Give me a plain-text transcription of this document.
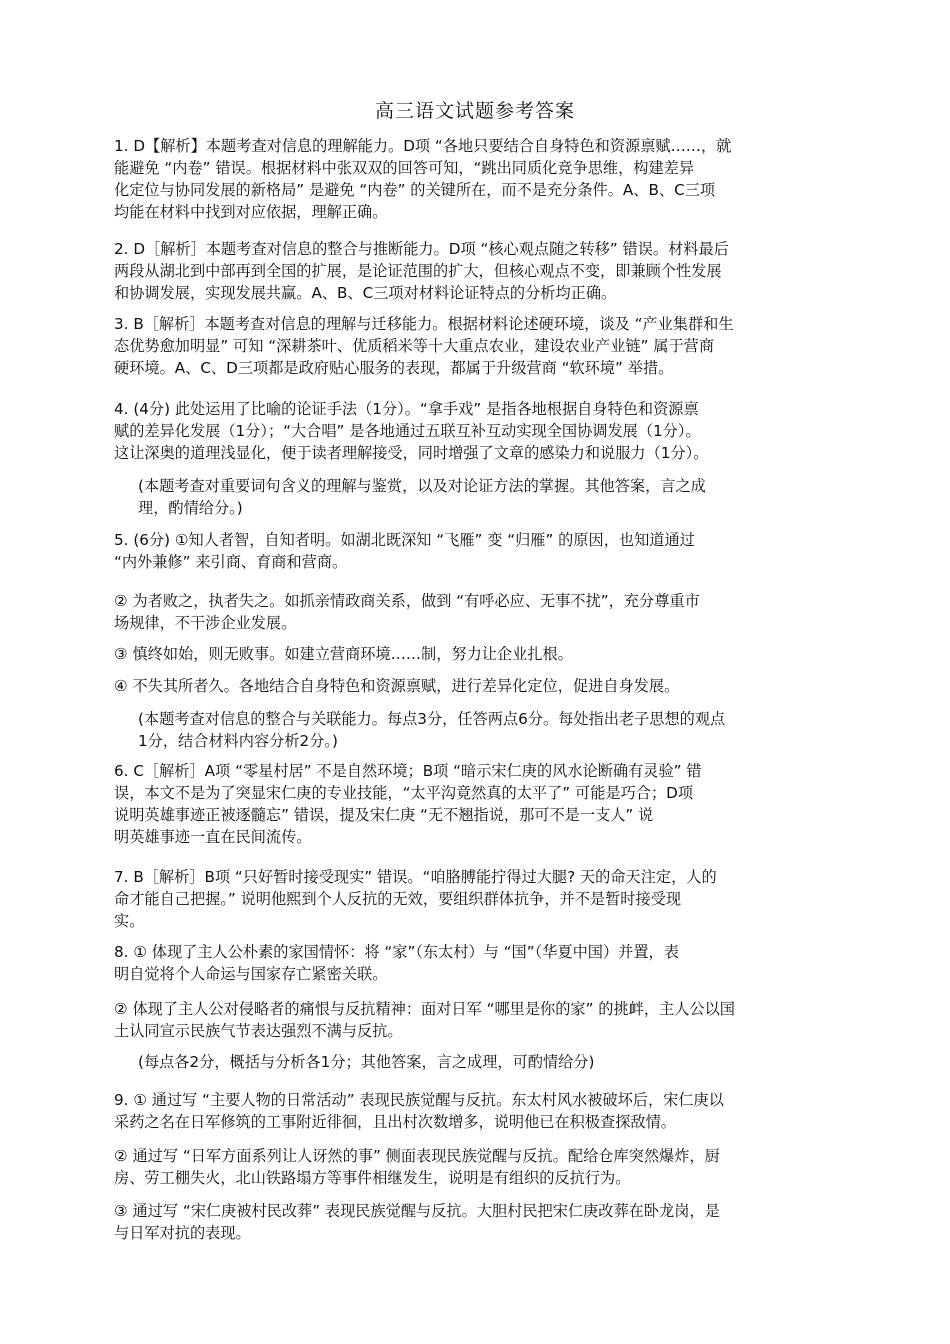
高三语文试题参考答案
1. D【解析】本题考查对信息的理解能力。D项 “各地只要结合自身特色和资源禀赋……，就
能避免 “内卷” 错误。根据材料中张双双的回答可知，“跳出同质化竞争思维，构建差异
化定位与协同发展的新格局” 是避免 “内卷” 的关键所在，而不是充分条件。A、B、C三项
均能在材料中找到对应依据，理解正确。
2. D［解析］本题考查对信息的整合与推断能力。D项 “核心观点随之转移” 错误。材料最后
两段从湖北到中部再到全国的扩展，是论证范围的扩大，但核心观点不变，即兼顾个性发展
和协调发展，实现发展共赢。A、B、C三项对材料论证特点的分析均正确。
3. B［解析］本题考查对信息的理解与迁移能力。根据材料论述硬环境，谈及 “产业集群和生
态优势愈加明显” 可知 “深耕茶叶、优质稻米等十大重点农业，建设农业产业链” 属于营商
硬环境。A、C、D三项都是政府贴心服务的表现，都属于升级营商 “软环境” 举措。
4. (4分) 此处运用了比喻的论证手法（1分）。“拿手戏” 是指各地根据自身特色和资源禀
赋的差异化发展（1分）；“大合唱” 是各地通过五联互补互动实现全国协调发展（1分）。
这让深奥的道理浅显化，便于读者理解接受，同时增强了文章的感染力和说服力（1分）。
(本题考查对重要词句含义的理解与鉴赏，以及对论证方法的掌握。其他答案，言之成
理，酌情给分。)
5. (6分) ①知人者智，自知者明。如湖北既深知 “飞雁” 变 “归雁” 的原因，也知道通过
“内外兼修” 来引商、育商和营商。
② 为者败之，执者失之。如抓亲情政商关系，做到 “有呼必应、无事不扰”，充分尊重市
场规律，不干涉企业发展。
③ 慎终如始，则无败事。如建立营商环境……制，努力让企业扎根。
④ 不失其所者久。各地结合自身特色和资源禀赋，进行差异化定位，促进自身发展。
(本题考查对信息的整合与关联能力。每点3分，任答两点6分。每处指出老子思想的观点
1分，结合材料内容分析2分。)
6. C［解析］A项 “零星村居” 不是自然环境；B项 “暗示宋仁庚的风水论断确有灵验” 错
误，本文不是为了突显宋仁庚的专业技能，“太平沟竟然真的太平了” 可能是巧合；D项
说明英雄事迹正被逐髓忘” 错误，提及宋仁庚 “无不翘指说，那可不是一支人” 说
明英雄事迹一直在民间流传。
7. B［解析］B项 “只好暂时接受现实” 错误。“咱胳膊能拧得过大腿? 天的命天注定，人的
命才能自己把握。” 说明他熙到个人反抗的无效，要组织群体抗争，并不是暂时接受现
实。
8. ① 体现了主人公朴素的家国情怀：将 “家”（东太村）与 “国”（华夏中国）并置，表
明自觉将个人命运与国家存亡紧密关联。
② 体现了主人公对侵略者的痛恨与反抗精神：面对日军 “哪里是你的家” 的挑衅，主人公以国
土认同宣示民族气节表达强烈不满与反抗。
(每点各2分，概括与分析各1分；其他答案，言之成理，可酌情给分)
9. ① 通过写 “主要人物的日常活动” 表现民族觉醒与反抗。东太村风水被破坏后，宋仁庚以
采药之名在日军修筑的工事附近徘徊，且出村次数增多，说明他已在积极查探敌情。
② 通过写 “日军方面系列让人讶然的事” 侧面表现民族觉醒与反抗。配给仓库突然爆炸，厨
房、劳工棚失火，北山铁路塌方等事件相继发生，说明是有组织的反抗行为。
③ 通过写 “宋仁庚被村民改葬” 表现民族觉醒与反抗。大胆村民把宋仁庚改葬在卧龙岗，是
与日军对抗的表现。
